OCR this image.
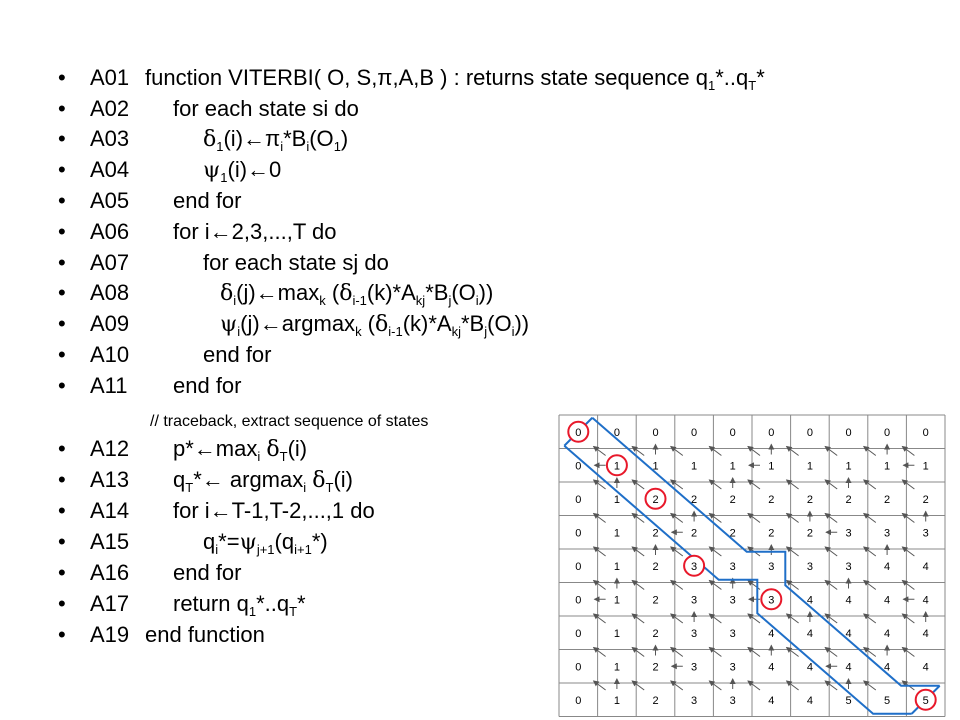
• A01 function VITERBI( O, S,π,A,B ) : returns state sequence $q_1*..q_T*$
• A02 for each state si do
• A03	$\delta_1(i)\leftarrow\pi_i*B_i(O_1)$
• A04	$\psi_1(i)\leftarrow 0$
• A05 end for
• A06 for i←2,3,...,T do
• A07	for each state sj do
• A08	$\delta_i(j)\leftarrow\max_k$ $(\delta_{i-1}(k)*A_{kj}*B_j(O_i))$
• A09	$\psi_i(j)\leftarrow argmax_k$ $(\delta_{i-1}(k)*A_{kj}*B_j(O_i))$
• A10	end for
• A11 end for
• A12 $p*\leftarrow\max_i$ $\delta_T(i)$
• A13 $q_T*\leftarrow$ argmax$_i$ $\delta_T(i)$
• A14 for i←T-1,T-2,...,1 do
• A15	$q_i*=\psi_{j+1}(q_{i+1}*)$
• A16 end for
• A17 return $q_1*..q_T*$
• A19 end function
// traceback, extract sequence of states
0	0	0	0	0	0	0	0	0	0
0	1	1	1	1	1	1	1	1	1
0	1	2	2	2	2	2	2	2	2
0	1	2	2	2	2	2	3	3	3
0	1	2	3	3	3	3	3	4	4
0	1	2	3	3	3	4	4	4	4
0	1	2	3	3	4	4	4	4	4
0	1	2	3	3	4	4	4	4	4
0	1	2	3	3	4	4	5	5	5
